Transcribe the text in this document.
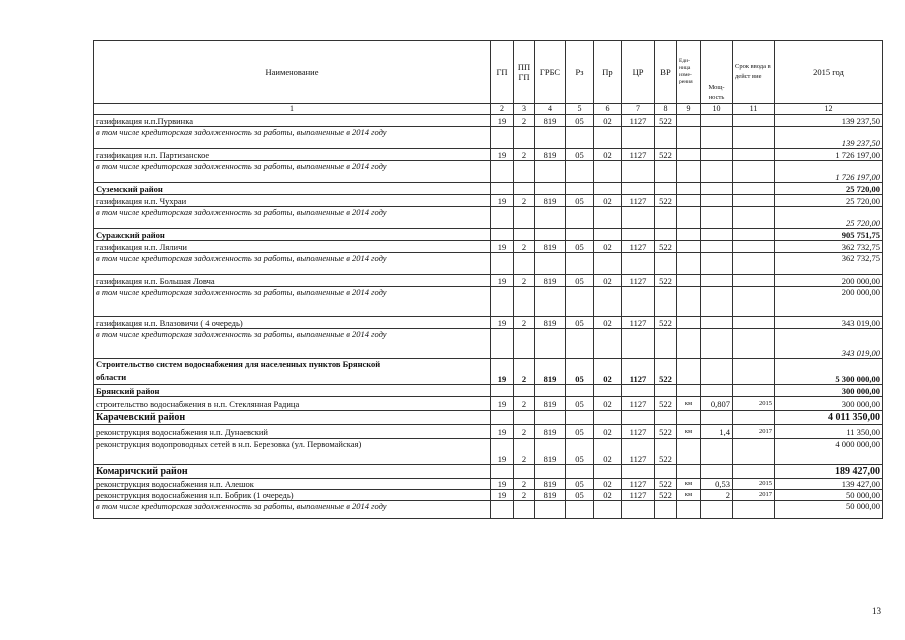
Наименование	ГП	ПП ГП	ГРБС	Рз	Пр	ЦР	ВР	Еди- ница изме- рения	Мощ- ность	Срок ввода в дейст вие	2015 год
1	2	3	4	5	6	7	8	9	10	11	12
газификация н.п.Пурвинка	19	2	819	05	02	1127	522				139 237,50
в том числе кредиторская задолженность за работы, выполненные в 2014 году											139 237,50
газификация н.п. Партизанское	19	2	819	05	02	1127	522				1 726 197,00
в том числе кредиторская задолженность за работы, выполненные в 2014 году											1 726 197,00
Суземский район											25 720,00
газификация н.п. Чухраи	19	2	819	05	02	1127	522				25 720,00
в том числе кредиторская задолженность за работы, выполненные в 2014 году											25 720,00
Суражский район											905 751,75
газификация н.п. Ляличи	19	2	819	05	02	1127	522				362 732,75
в том числе кредиторская задолженность за работы, выполненные в 2014 году											362 732,75
газификация н.п. Большая Ловча	19	2	819	05	02	1127	522				200 000,00
в том числе кредиторская задолженность за работы, выполненные в 2014 году											200 000,00
газификация н.п. Влазовичи ( 4 очередь)	19	2	819	05	02	1127	522				343 019,00
в том числе кредиторская задолженность за работы, выполненные в 2014 году											343 019,00

Строительство систем водоснабжения для населенных пунктов Брянской
области	19	2	819	05	02	1127	522				5 300 000,00
Брянский район											300 000,00
строительство водоснабжения в н.п. Стеклянная Радица	19	2	819	05	02	1127	522	км	0,807	2015	300 000,00
Карачевский район											4 011 350,00
реконструкция водоснабжения н.п. Дунаевский	19	2	819	05	02	1127	522	км	1,4	2017	11 350,00
реконструкция водопроводных сетей в н.п. Березовка (ул. Первомайская)	19	2	819	05	02	1127	522				4 000 000,00
Комаричский район											189 427,00
реконструкция водоснабжения н.п. Алешок	19	2	819	05	02	1127	522	км	0,53	2015	139 427,00
реконструкция водоснабжения н.п. Бобрик (1 очередь)	19	2	819	05	02	1127	522	км	2	2017	50 000,00
в том числе кредиторская задолженность за работы, выполненные в 2014 году											50 000,00
13
